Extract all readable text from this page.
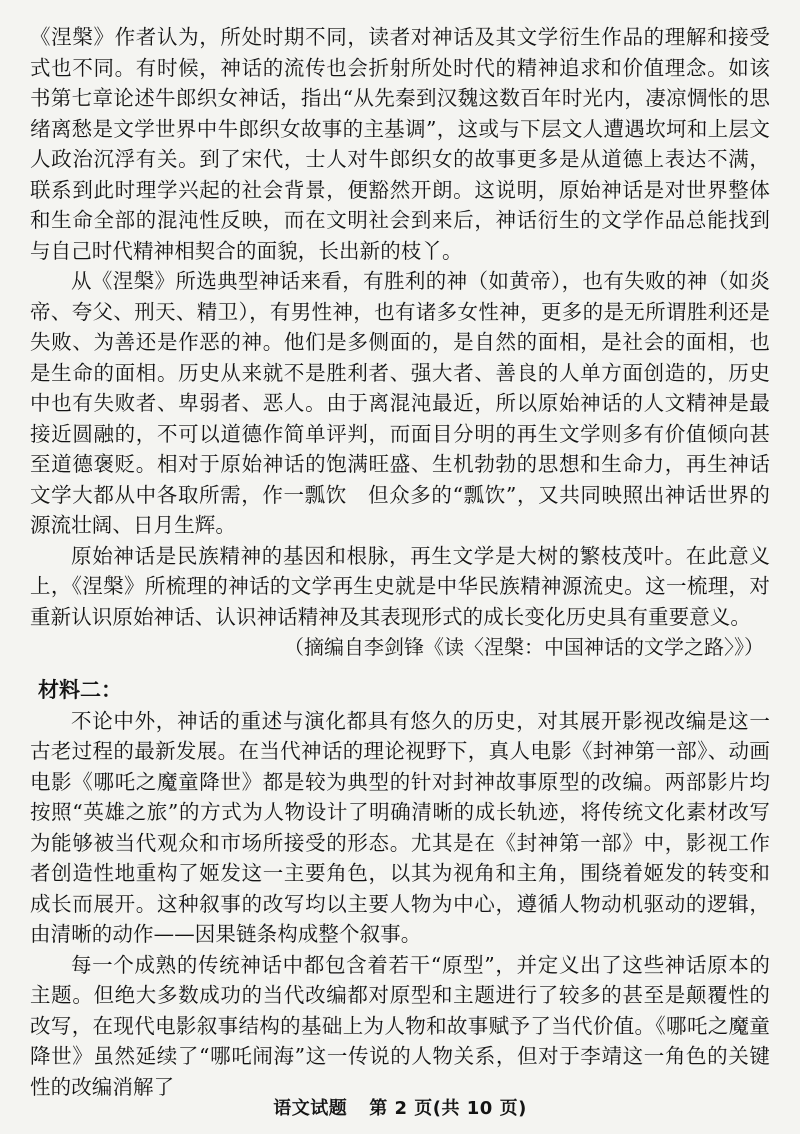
《涅槃》作者认为，所处时期不同，读者对神话及其文学衍生作品的理解和接受式也不同。有时候，神话的流传也会折射所处时代的精神追求和价值理念。如该书第七章论述牛郎织女神话，指出“从先秦到汉魏这数百年时光内，凄凉惆怅的思绪离愁是文学世界中牛郎织女故事的主基调”，这或与下层文人遭遇坎坷和上层文人政治沉浮有关。到了宋代，士人对牛郎织女的故事更多是从道德上表达不满，联系到此时理学兴起的社会背景，便豁然开朗。这说明，原始神话是对世界整体和生命全部的混沌性反映，而在文明社会到来后，神话衍生的文学作品总能找到与自己时代精神相契合的面貌，长出新的枝丫。

从《涅槃》所选典型神话来看，有胜利的神（如黄帝），也有失败的神（如炎帝、夸父、刑天、精卫），有男性神，也有诸多女性神，更多的是无所谓胜利还是失败、为善还是作恶的神。他们是多侧面的，是自然的面相，是社会的面相，也是生命的面相。历史从来就不是胜利者、强大者、善良的人单方面创造的，历史中也有失败者、卑弱者、恶人。由于离混沌最近，所以原始神话的人文精神是最接近圆融的，不可以道德作简单评判，而面目分明的再生文学则多有价值倾向甚至道德褒贬。相对于原始神话的饱满旺盛、生机勃勃的思想和生命力，再生神话文学大都从中各取所需，作一瓢饮　但众多的“瓢饮”，又共同映照出神话世界的源流壮阔、日月生辉。

原始神话是民族精神的基因和根脉，再生文学是大树的繁枝茂叶。在此意义上，《涅槃》所梳理的神话的文学再生史就是中华民族精神源流史。这一梳理，对重新认识原始神话、认识神话精神及其表现形式的成长变化历史具有重要意义。

（摘编自李剑锋《读〈涅槃：中国神话的文学之路〉》）

材料二：

不论中外，神话的重述与演化都具有悠久的历史，对其展开影视改编是这一古老过程的最新发展。在当代神话的理论视野下，真人电影《封神第一部》、动画电影《哪吒之魔童降世》都是较为典型的针对封神故事原型的改编。两部影片均按照“英雄之旅”的方式为人物设计了明确清晰的成长轨迹，将传统文化素材改写为能够被当代观众和市场所接受的形态。尤其是在《封神第一部》中，影视工作者创造性地重构了姬发这一主要角色，以其为视角和主角，围绕着姬发的转变和成长而展开。这种叙事的改写均以主要人物为中心，遵循人物动机驱动的逻辑，由清晰的动作——因果链条构成整个叙事。

每一个成熟的传统神话中都包含着若干“原型”，并定义出了这些神话原本的主题。但绝大多数成功的当代改编都对原型和主题进行了较多的甚至是颠覆性的改写，在现代电影叙事结构的基础上为人物和故事赋予了当代价值。《哪吒之魔童降世》虽然延续了“哪吒闹海”这一传说的人物关系，但对于李靖这一角色的关键性的改编消解了

语文试题 第 2 页(共 10 页)
